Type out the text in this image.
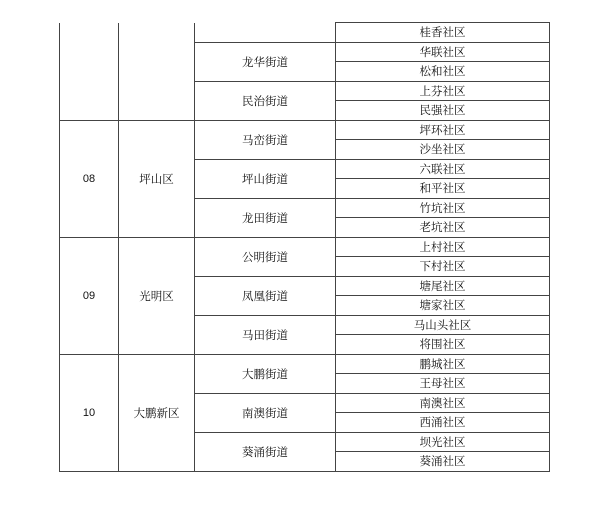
			桂香社区
		龙华街道	华联社区
			松和社区
		民治街道	上芬社区
			民强社区
08	坪山区	马峦街道	坪环社区
			沙坐社区
		坪山街道	六联社区
			和平社区
		龙田街道	竹坑社区
			老坑社区
09	光明区	公明街道	上村社区
			下村社区
		凤凰街道	塘尾社区
			塘家社区
		马田街道	马山头社区
			将围社区
10	大鹏新区	大鹏街道	鹏城社区
			王母社区
		南澳街道	南澳社区
			西涌社区
		葵涌街道	坝光社区
			葵涌社区
